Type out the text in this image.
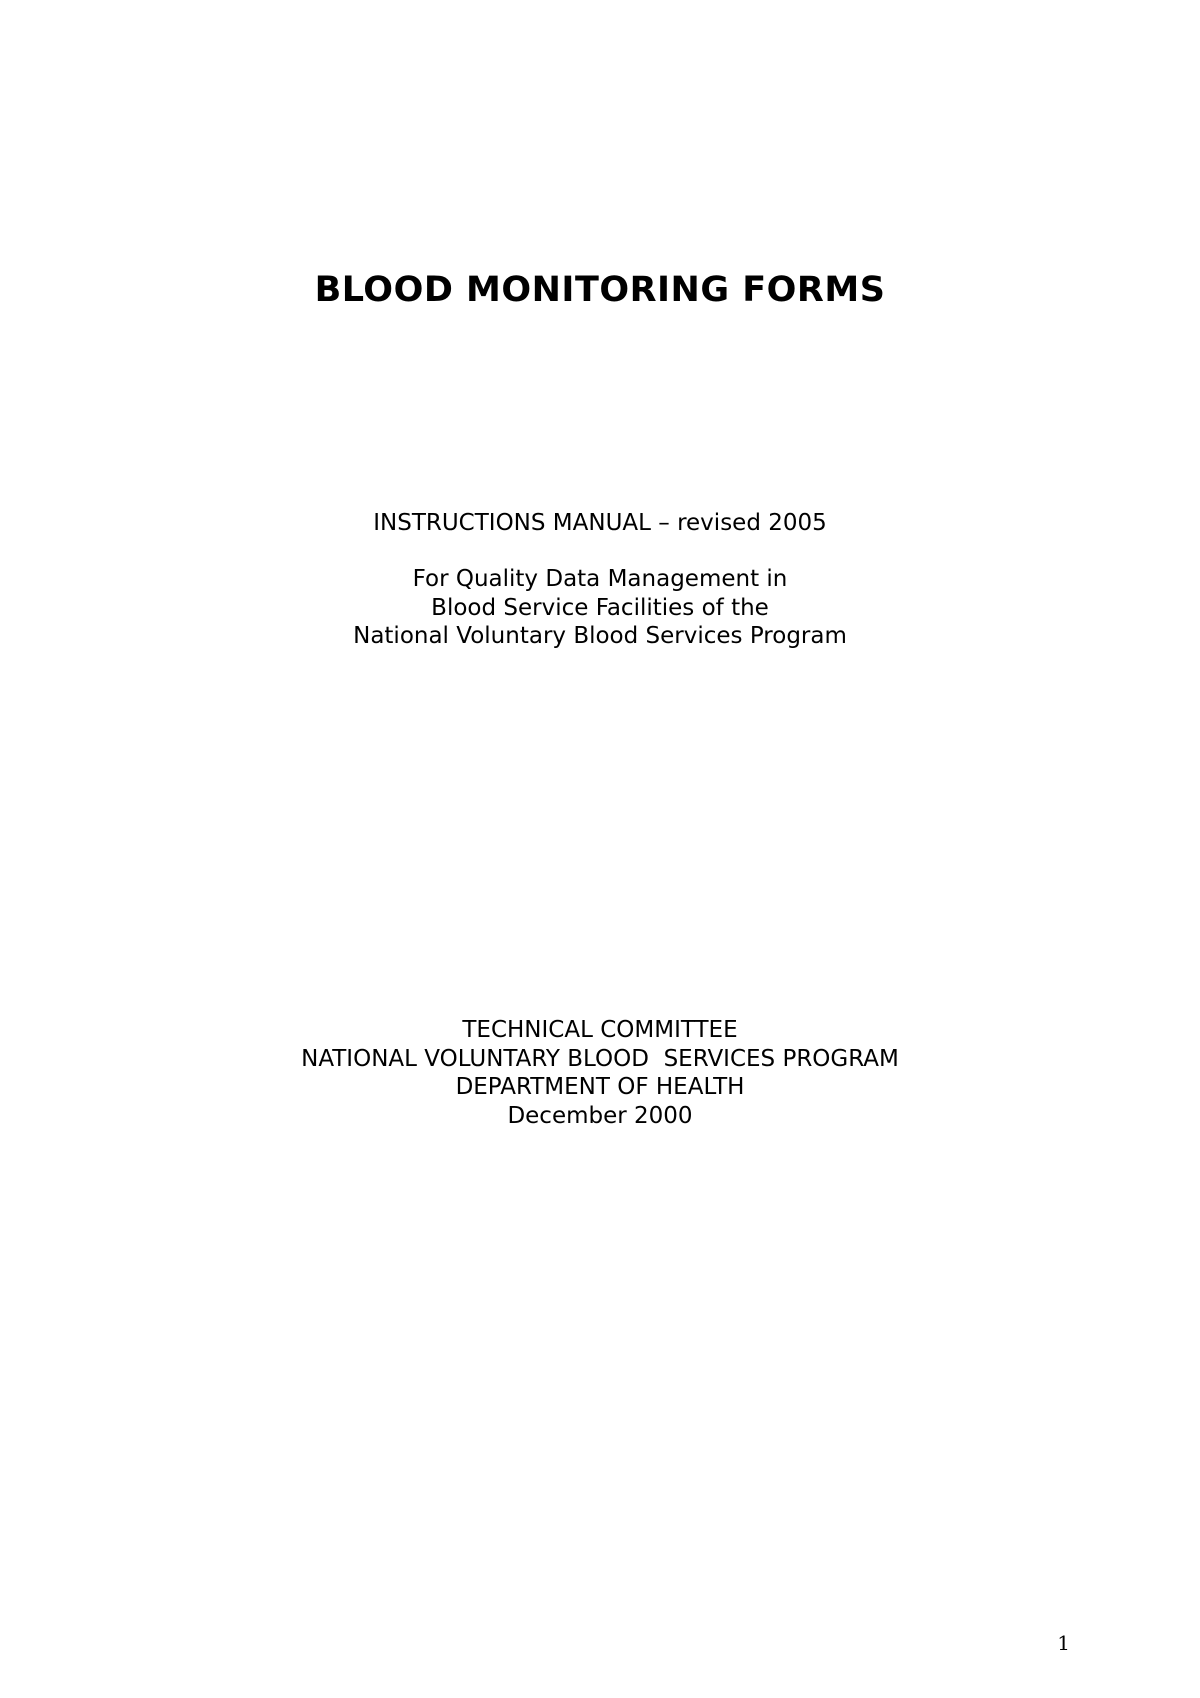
BLOOD MONITORING FORMS
INSTRUCTIONS MANUAL – revised 2005
For Quality Data Management in
Blood Service Facilities of the
National Voluntary Blood Services Program
TECHNICAL COMMITTEE
NATIONAL VOLUNTARY BLOOD  SERVICES PROGRAM
DEPARTMENT OF HEALTH
December 2000
1
